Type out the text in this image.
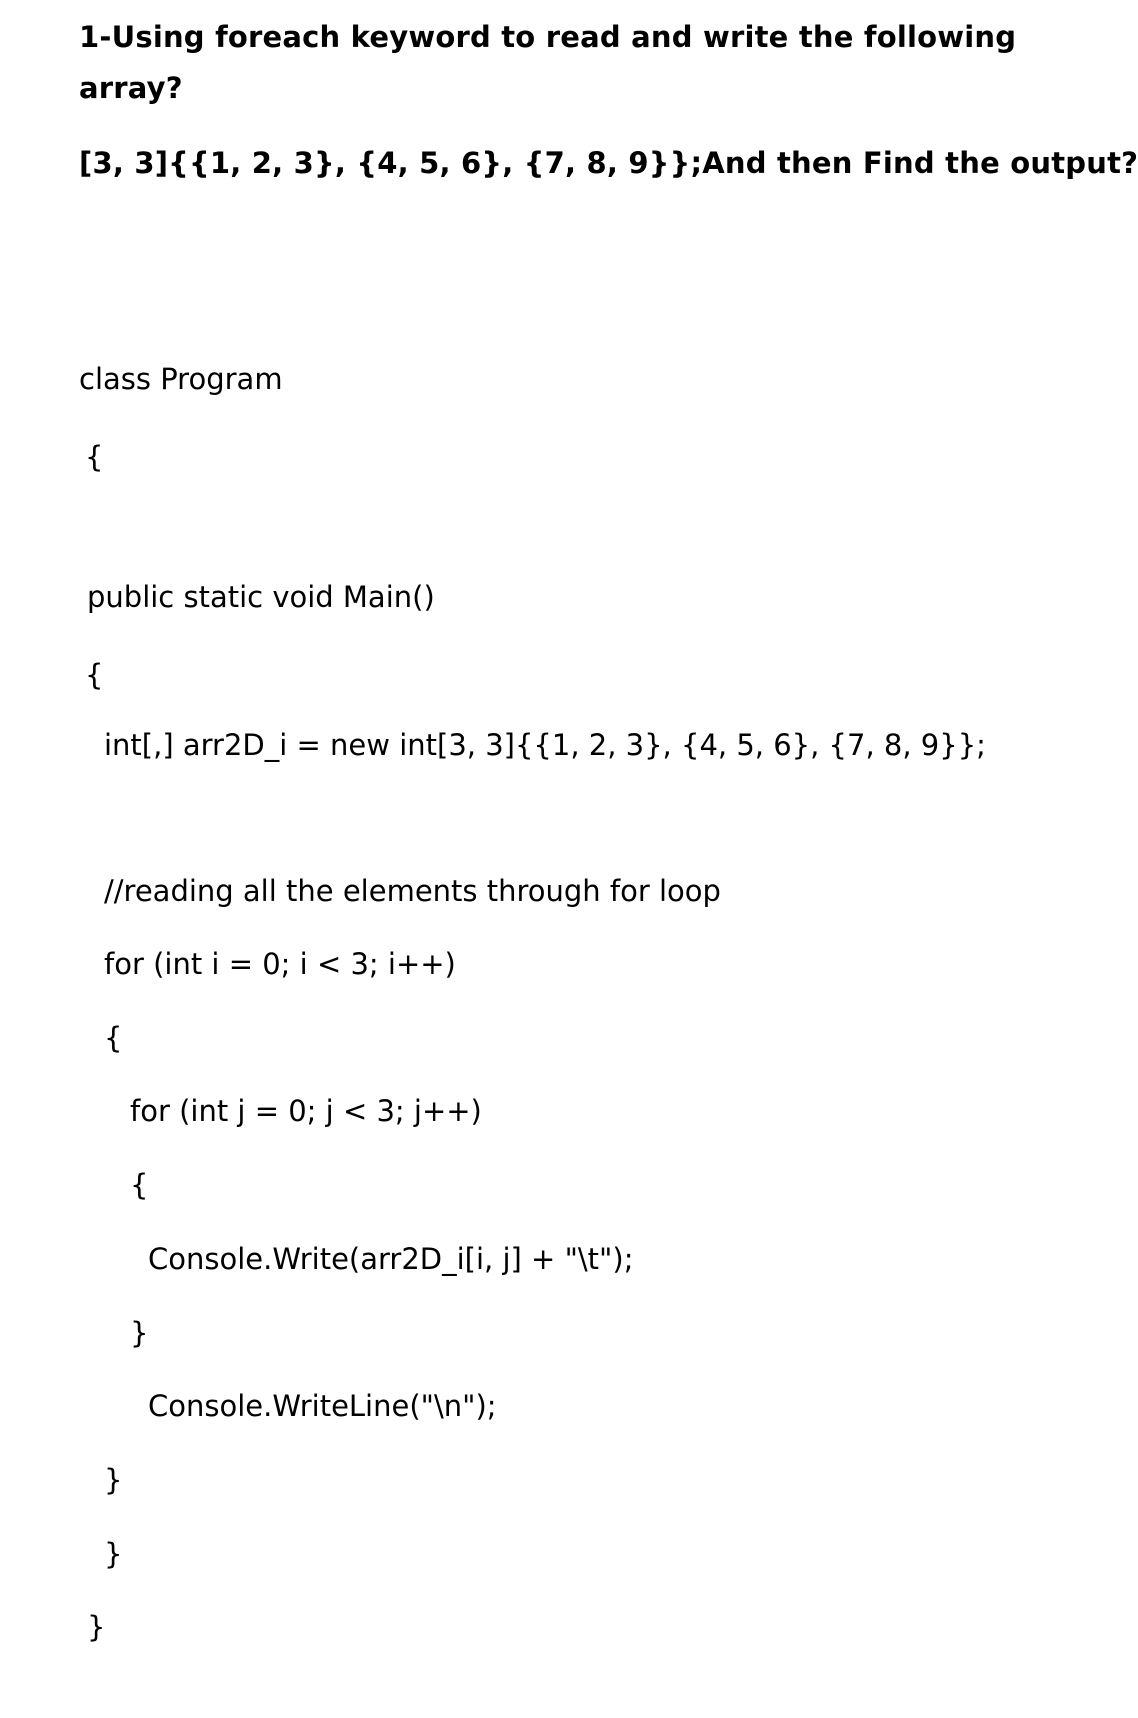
1-Using foreach keyword to read and write the following
array?
[3, 3]{{1, 2, 3}, {4, 5, 6}, {7, 8, 9}};And then Find the output?
class Program
{
public static void Main()
{
int[,] arr2D_i = new int[3, 3]{{1, 2, 3}, {4, 5, 6}, {7, 8, 9}};
//reading all the elements through for loop
for (int i = 0; i < 3; i++)
{
for (int j = 0; j < 3; j++)
{
Console.Write(arr2D_i[i, j] + "\t");
}
Console.WriteLine("\n");
}
}
}
